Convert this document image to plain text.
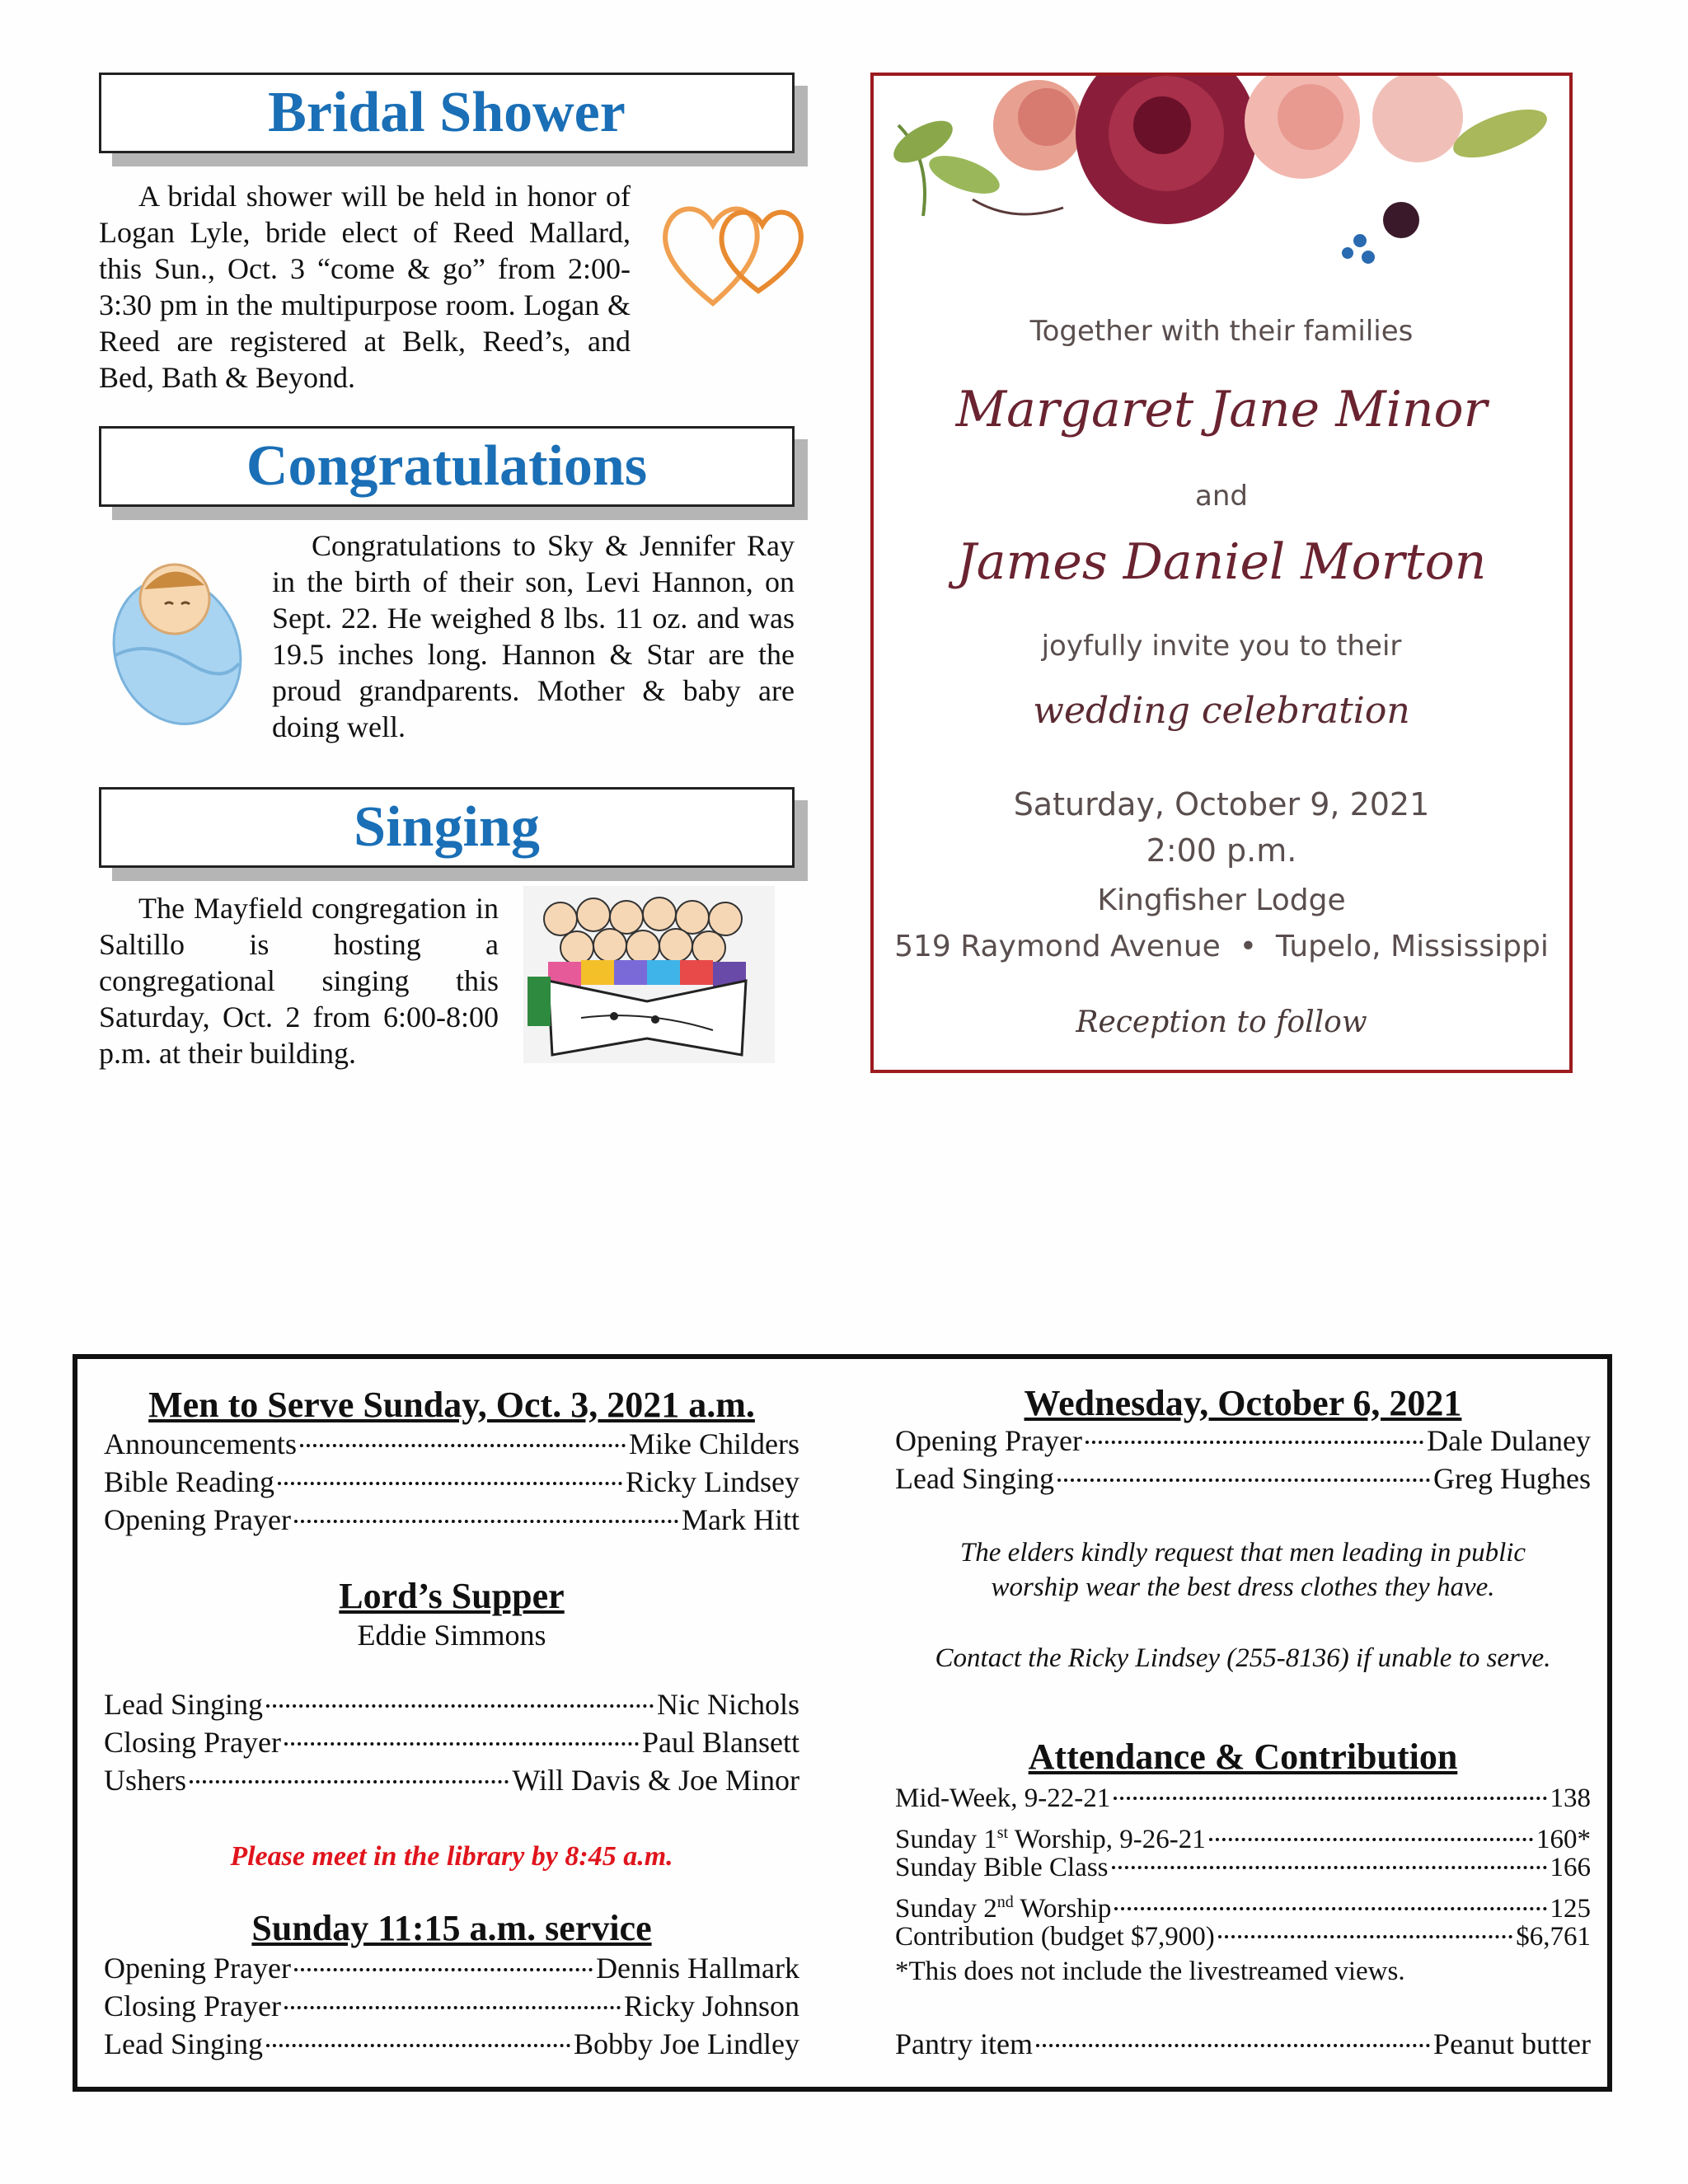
Bridal Shower

A bridal shower will be held in honor of Logan Lyle, bride elect of Reed Mallard, this Sun., Oct. 3 “come & go” from 2:00-3:30 pm in the multipurpose room. Logan & Reed are registered at Belk, Reed’s, and Bed, Bath & Beyond.

Congratulations

Congratulations to Sky & Jennifer Ray in the birth of their son, Levi Hannon, on Sept. 22. He weighed 8 lbs. 11 oz. and was 19.5 inches long. Hannon & Star are the proud grandparents. Mother & baby are doing well.

Singing

The Mayfield congregation in Saltillo is hosting a congregational singing this Saturday, Oct. 2 from 6:00-8:00 p.m. at their building.

Together with their families
Margaret Jane Minor
and
James Daniel Morton
joyfully invite you to their
wedding celebration
Saturday, October 9, 2021
2:00 p.m.
Kingfisher Lodge
519 Raymond Avenue  •  Tupelo, Mississippi
Reception to follow
Men to Serve Sunday, Oct. 3, 2021 a.m.
Announcements	Mike Childers
Bible Reading	Ricky Lindsey
Opening Prayer	Mark Hitt
Lord’s Supper
Eddie Simmons
Lead Singing	Nic Nichols
Closing Prayer	Paul Blansett
Ushers	Will Davis & Joe Minor
Please meet in the library by 8:45 a.m.
Sunday 11:15 a.m. service
Opening Prayer	Dennis Hallmark
Closing Prayer	Ricky Johnson
Lead Singing	Bobby Joe Lindley
Wednesday, October 6, 2021
Opening Prayer	Dale Dulaney
Lead Singing	Greg Hughes
The elders kindly request that men leading in public worship wear the best dress clothes they have.
Contact the Ricky Lindsey (255-8136) if unable to serve.
Attendance & Contribution
Mid-Week, 9-22-21	138
Sunday 1st Worship, 9-26-21	160*
Sunday Bible Class	166
Sunday 2nd Worship	125
Contribution (budget $7,900)	$6,761
*This does not include the livestreamed views.
Pantry item	Peanut butter
